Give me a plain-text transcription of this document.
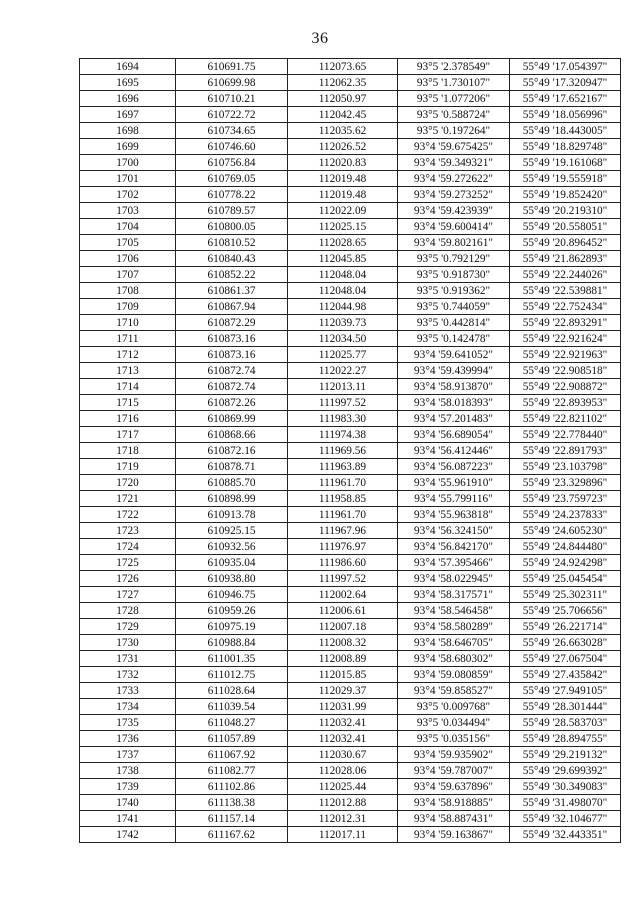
36
1694	610691.75	112073.65	93°5 '2.378549"	55°49 '17.054397"
1695	610699.98	112062.35	93°5 '1.730107"	55°49 '17.320947"
1696	610710.21	112050.97	93°5 '1.077206"	55°49 '17.652167"
1697	610722.72	112042.45	93°5 '0.588724"	55°49 '18.056996"
1698	610734.65	112035.62	93°5 '0.197264"	55°49 '18.443005"
1699	610746.60	112026.52	93°4 '59.675425"	55°49 '18.829748"
1700	610756.84	112020.83	93°4 '59.349321"	55°49 '19.161068"
1701	610769.05	112019.48	93°4 '59.272622"	55°49 '19.555918"
1702	610778.22	112019.48	93°4 '59.273252"	55°49 '19.852420"
1703	610789.57	112022.09	93°4 '59.423939"	55°49 '20.219310"
1704	610800.05	112025.15	93°4 '59.600414"	55°49 '20.558051"
1705	610810.52	112028.65	93°4 '59.802161"	55°49 '20.896452"
1706	610840.43	112045.85	93°5 '0.792129"	55°49 '21.862893"
1707	610852.22	112048.04	93°5 '0.918730"	55°49 '22.244026"
1708	610861.37	112048.04	93°5 '0.919362"	55°49 '22.539881"
1709	610867.94	112044.98	93°5 '0.744059"	55°49 '22.752434"
1710	610872.29	112039.73	93°5 '0.442814"	55°49 '22.893291"
1711	610873.16	112034.50	93°5 '0.142478"	55°49 '22.921624"
1712	610873.16	112025.77	93°4 '59.641052"	55°49 '22.921963"
1713	610872.74	112022.27	93°4 '59.439994"	55°49 '22.908518"
1714	610872.74	112013.11	93°4 '58.913870"	55°49 '22.908872"
1715	610872.26	111997.52	93°4 '58.018393"	55°49 '22.893953"
1716	610869.99	111983.30	93°4 '57.201483"	55°49 '22.821102"
1717	610868.66	111974.38	93°4 '56.689054"	55°49 '22.778440"
1718	610872.16	111969.56	93°4 '56.412446"	55°49 '22.891793"
1719	610878.71	111963.89	93°4 '56.087223"	55°49 '23.103798"
1720	610885.70	111961.70	93°4 '55.961910"	55°49 '23.329896"
1721	610898.99	111958.85	93°4 '55.799116"	55°49 '23.759723"
1722	610913.78	111961.70	93°4 '55.963818"	55°49 '24.237833"
1723	610925.15	111967.96	93°4 '56.324150"	55°49 '24.605230"
1724	610932.56	111976.97	93°4 '56.842170"	55°49 '24.844480"
1725	610935.04	111986.60	93°4 '57.395466"	55°49 '24.924298"
1726	610938.80	111997.52	93°4 '58.022945"	55°49 '25.045454"
1727	610946.75	112002.64	93°4 '58.317571"	55°49 '25.302311"
1728	610959.26	112006.61	93°4 '58.546458"	55°49 '25.706656"
1729	610975.19	112007.18	93°4 '58.580289"	55°49 '26.221714"
1730	610988.84	112008.32	93°4 '58.646705"	55°49 '26.663028"
1731	611001.35	112008.89	93°4 '58.680302"	55°49 '27.067504"
1732	611012.75	112015.85	93°4 '59.080859"	55°49 '27.435842"
1733	611028.64	112029.37	93°4 '59.858527"	55°49 '27.949105"
1734	611039.54	112031.99	93°5 '0.009768"	55°49 '28.301444"
1735	611048.27	112032.41	93°5 '0.034494"	55°49 '28.583703"
1736	611057.89	112032.41	93°5 '0.035156"	55°49 '28.894755"
1737	611067.92	112030.67	93°4 '59.935902"	55°49 '29.219132"
1738	611082.77	112028.06	93°4 '59.787007"	55°49 '29.699392"
1739	611102.86	112025.44	93°4 '59.637896"	55°49 '30.349083"
1740	611138.38	112012.88	93°4 '58.918885"	55°49 '31.498070"
1741	611157.14	112012.31	93°4 '58.887431"	55°49 '32.104677"
1742	611167.62	112017.11	93°4 '59.163867"	55°49 '32.443351"
